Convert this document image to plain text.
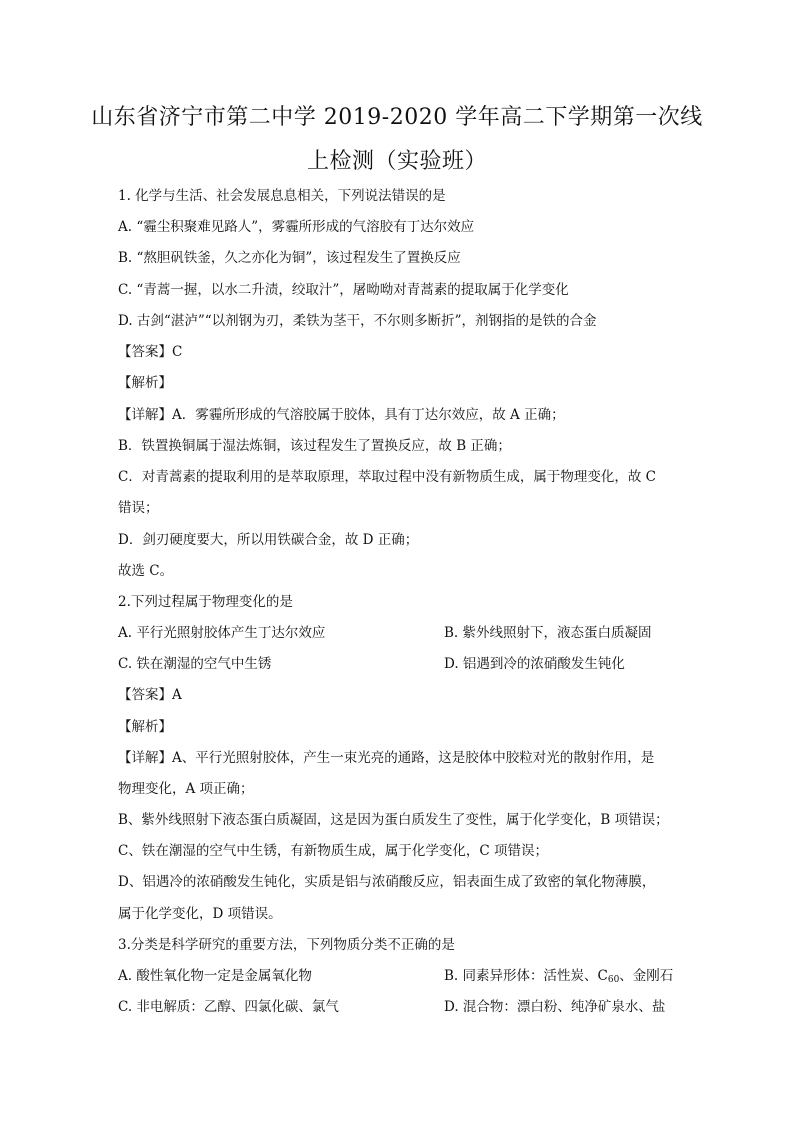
山东省济宁市第二中学 2019-2020 学年高二下学期第一次线
上检测（实验班）
1. 化学与生活、社会发展息息相关，下列说法错误的是
A. “霾尘积聚难见路人”，雾霾所形成的气溶胶有丁达尔效应
B. “熬胆矾铁釜，久之亦化为铜”，该过程发生了置换反应
C. “青蒿一握，以水二升渍，绞取汁”，屠呦呦对青蒿素的提取属于化学变化
D. 古剑“湛泸”“以剂钢为刃，柔铁为茎干，不尔则多断折”，剂钢指的是铁的合金
【答案】C
【解析】
【详解】A．雾霾所形成的气溶胶属于胶体，具有丁达尔效应，故 A 正确；
B．铁置换铜属于湿法炼铜，该过程发生了置换反应，故 B 正确；
C．对青蒿素的提取利用的是萃取原理，萃取过程中没有新物质生成，属于物理变化，故 C
错误；
D．剑刃硬度要大，所以用铁碳合金，故 D 正确；
故选 C。
2.下列过程属于物理变化的是
A. 平行光照射胶体产生丁达尔效应	B. 紫外线照射下，液态蛋白质凝固
C. 铁在潮湿的空气中生锈	D. 铝遇到冷的浓硝酸发生钝化
【答案】A
【解析】
【详解】A、平行光照射胶体，产生一束光亮的通路，这是胶体中胶粒对光的散射作用，是
物理变化，A 项正确；
B、紫外线照射下液态蛋白质凝固，这是因为蛋白质发生了变性，属于化学变化，B 项错误；
C、铁在潮湿的空气中生锈，有新物质生成，属于化学变化，C 项错误；
D、铝遇冷的浓硝酸发生钝化，实质是铝与浓硝酸反应，铝表面生成了致密的氧化物薄膜，
属于化学变化，D 项错误。
3.分类是科学研究的重要方法，下列物质分类不正确的是
A. 酸性氧化物一定是金属氧化物	B. 同素异形体：活性炭、$C_{60}$、金刚石
C. 非电解质：乙醇、四氯化碳、氯气	D. 混合物：漂白粉、纯净矿泉水、盐
